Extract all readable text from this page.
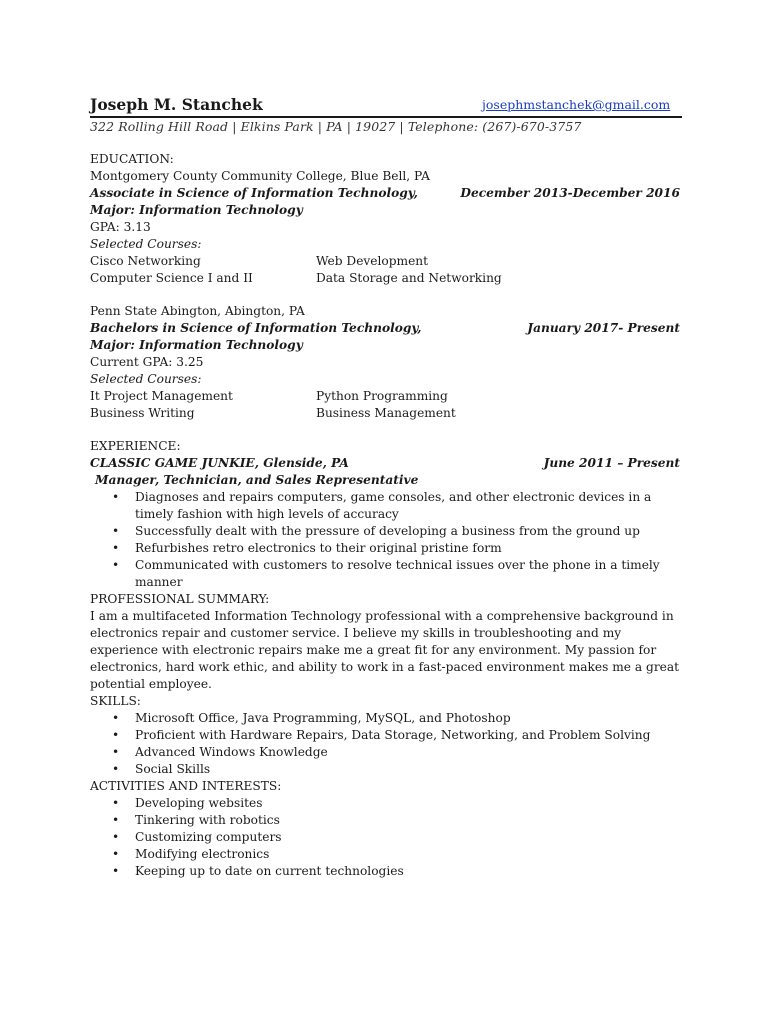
Joseph M. Stanchek	josephmstanchek@gmail.com
322 Rolling Hill Road | Elkins Park | PA | 19027 | Telephone: (267)-670-3757
EDUCATION:
Montgomery County Community College, Blue Bell, PA
Associate in Science of Information Technology,	December 2013-December 2016
Major: Information Technology
GPA: 3.13
Selected Courses:
Cisco Networking	Web Development
Computer Science I and II	Data Storage and Networking
Penn State Abington, Abington, PA
Bachelors in Science of Information Technology,	January 2017- Present
Major: Information Technology
Current GPA: 3.25
Selected Courses:
It Project Management	Python Programming
Business Writing	Business Management
EXPERIENCE:
CLASSIC GAME JUNKIE, Glenside, PA	June 2011 – Present
Manager, Technician, and Sales Representative
• Diagnoses and repairs computers, game consoles, and other electronic devices in a timely fashion with high levels of accuracy
• Successfully dealt with the pressure of developing a business from the ground up
• Refurbishes retro electronics to their original pristine form
• Communicated with customers to resolve technical issues over the phone in a timely manner
PROFESSIONAL SUMMARY:
I am a multifaceted Information Technology professional with a comprehensive background in electronics repair and customer service. I believe my skills in troubleshooting and my experience with electronic repairs make me a great fit for any environment. My passion for electronics, hard work ethic, and ability to work in a fast-paced environment makes me a great potential employee.
SKILLS:
• Microsoft Office, Java Programming, MySQL, and Photoshop
• Proficient with Hardware Repairs, Data Storage, Networking, and Problem Solving
• Advanced Windows Knowledge
• Social Skills
ACTIVITIES AND INTERESTS:
• Developing websites
• Tinkering with robotics
• Customizing computers
• Modifying electronics
• Keeping up to date on current technologies
